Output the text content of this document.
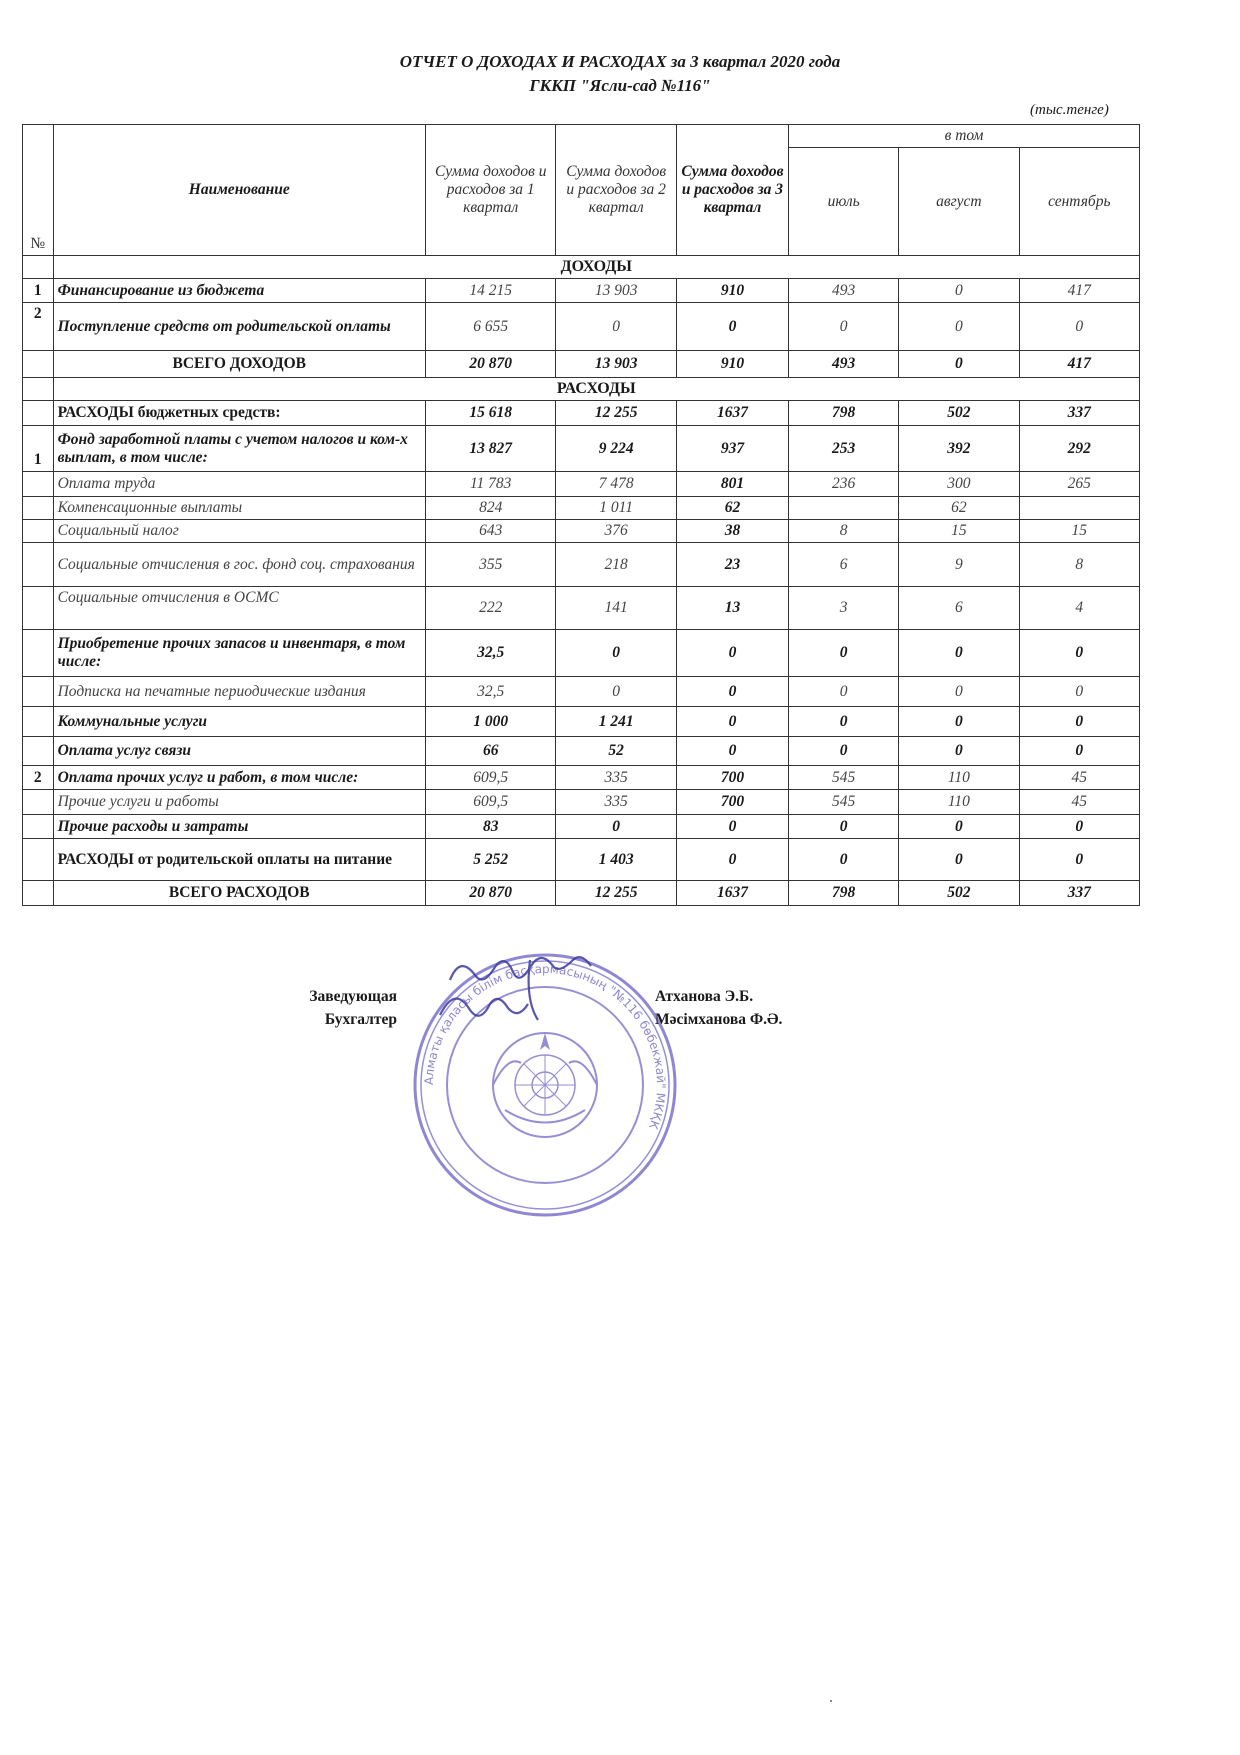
ОТЧЕТ О ДОХОДАХ И РАСХОДАХ за 3 квартал 2020 года
ГККП "Ясли-сад №116"
(тыс.тенге)
№	Наименование	Сумма доходов и расходов за 1 квартал	Сумма доходов и расходов за 2 квартал	Сумма доходов и расходов за 3 квартал	в том		
					июль	август	сентябрь
	ДОХОДЫ						
1	Финансирование из бюджета	14 215	13 903	910	493	0	417
2	Поступление средств от родительской оплаты	6 655	0	0	0	0	0
	ВСЕГО ДОХОДОВ	20 870	13 903	910	493	0	417
	РАСХОДЫ						
	РАСХОДЫ бюджетных средств:	15 618	12 255	1637	798	502	337
1	Фонд заработной платы с учетом налогов и ком-х выплат, в том числе:	13 827	9 224	937	253	392	292
	Оплата труда	11 783	7 478	801	236	300	265
	Компенсационные выплаты	824	1 011	62		62	
	Социальный налог	643	376	38	8	15	15
	Социальные отчисления в гос. фонд соц. страхования	355	218	23	6	9	8
	Социальные отчисления в ОСМС	222	141	13	3	6	4
	Приобретение прочих запасов и инвентаря, в том числе:	32,5	0	0	0	0	0
	Подписка на печатные периодические издания	32,5	0	0	0	0	0
	Коммунальные услуги	1 000	1 241	0	0	0	0
	Оплата услуг связи	66	52	0	0	0	0
2	Оплата прочих услуг и работ, в том числе:	609,5	335	700	545	110	45
	Прочие услуги и работы	609,5	335	700	545	110	45
	Прочие расходы и затраты	83	0	0	0	0	0
	РАСХОДЫ от родительской оплаты на питание	5 252	1 403	0	0	0	0
	ВСЕГО РАСХОДОВ	20 870	12 255	1637	798	502	337
Алматы қаласы білім басқармасының "№116 бөбекжай" МКҚК
Заведующая
Бухгалтер
Атханова Э.Б.
Мәсімханова Ф.Ә.
